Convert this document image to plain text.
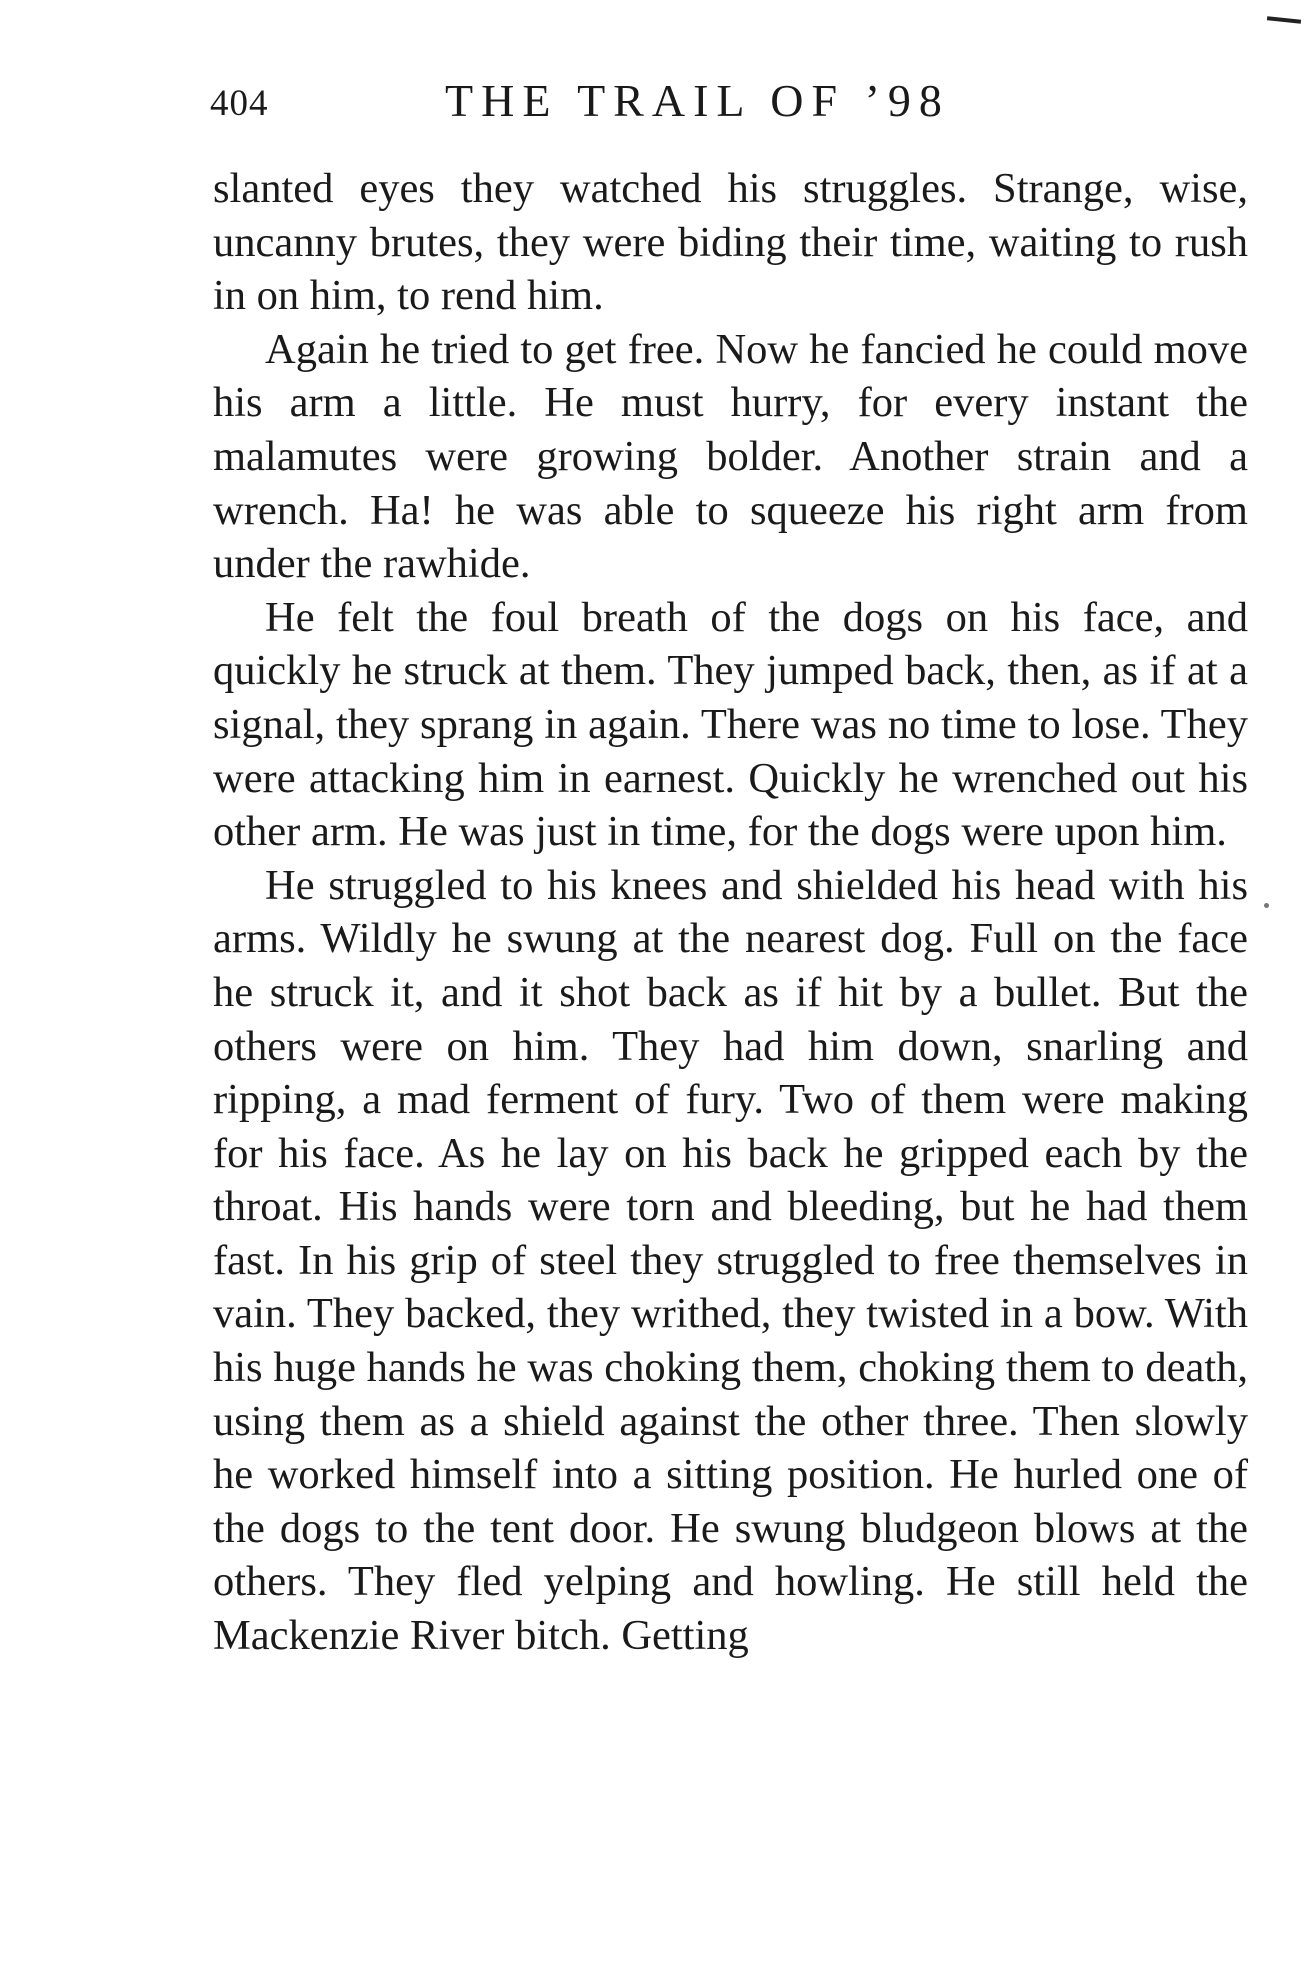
404	THE TRAIL OF ’98

slanted eyes they watched his struggles. Strange, wise, uncanny brutes, they were biding their time, waiting to rush in on him, to rend him.

Again he tried to get free. Now he fancied he could move his arm a little. He must hurry, for every instant the malamutes were growing bolder. Another strain and a wrench. Ha! he was able to squeeze his right arm from under the rawhide.

He felt the foul breath of the dogs on his face, and quickly he struck at them. They jumped back, then, as if at a signal, they sprang in again. There was no time to lose. They were attacking him in earnest. Quickly he wrenched out his other arm. He was just in time, for the dogs were upon him.

He struggled to his knees and shielded his head with his arms. Wildly he swung at the nearest dog. Full on the face he struck it, and it shot back as if hit by a bullet. But the others were on him. They had him down, snarling and ripping, a mad ferment of fury. Two of them were making for his face. As he lay on his back he gripped each by the throat. His hands were torn and bleeding, but he had them fast. In his grip of steel they struggled to free themselves in vain. They backed, they writhed, they twisted in a bow. With his huge hands he was choking them, choking them to death, using them as a shield against the other three. Then slowly he worked himself into a sitting position. He hurled one of the dogs to the tent door. He swung bludgeon blows at the others. They fled yelping and howling. He still held the Mackenzie River bitch. Getting
